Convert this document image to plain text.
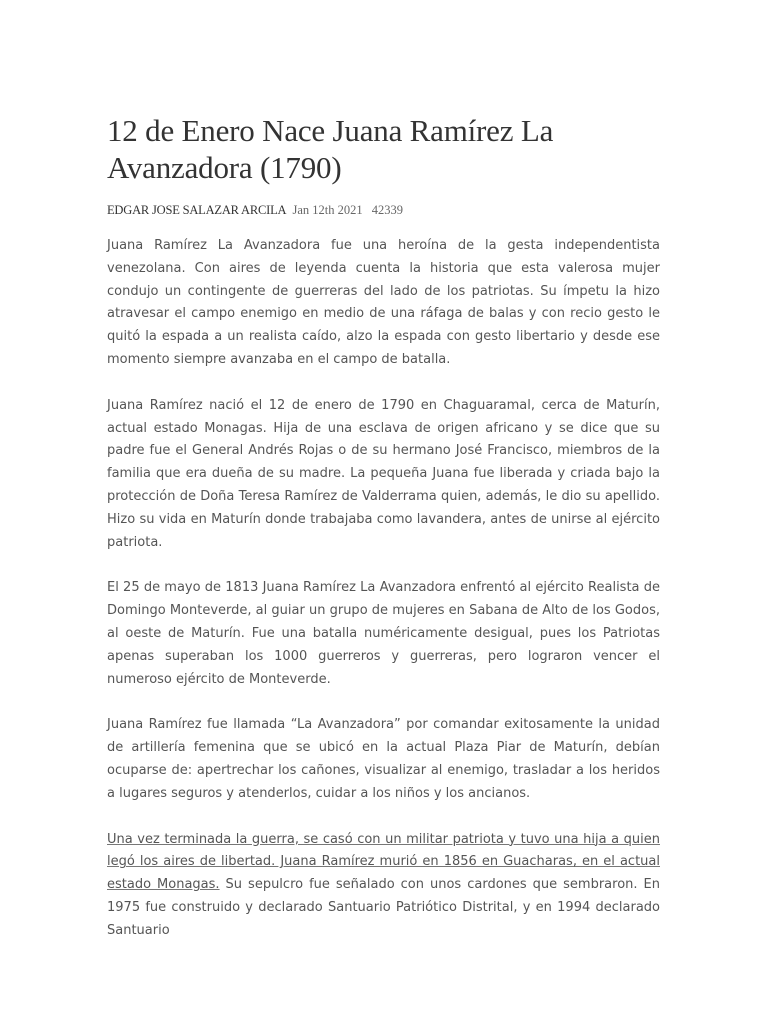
12 de Enero Nace Juana Ramírez La Avanzadora (1790)
EDGAR JOSE SALAZAR ARCILA Jan 12th 2021 42339

Juana Ramírez La Avanzadora fue una heroína de la gesta independentista venezolana. Con aires de leyenda cuenta la historia que esta valerosa mujer condujo un contingente de guerreras del lado de los patriotas. Su ímpetu la hizo atravesar el campo enemigo en medio de una ráfaga de balas y con recio gesto le quitó la espada a un realista caído, alzo la espada con gesto libertario y desde ese momento siempre avanzaba en el campo de batalla.

Juana Ramírez nació el 12 de enero de 1790 en Chaguaramal, cerca de Maturín, actual estado Monagas. Hija de una esclava de origen africano y se dice que su padre fue el General Andrés Rojas o de su hermano José Francisco, miembros de la familia que era dueña de su madre. La pequeña Juana fue liberada y criada bajo la protección de Doña Teresa Ramírez de Valderrama quien, además, le dio su apellido. Hizo su vida en Maturín donde trabajaba como lavandera, antes de unirse al ejército patriota.

El 25 de mayo de 1813 Juana Ramírez La Avanzadora enfrentó al ejército Realista de Domingo Monteverde, al guiar un grupo de mujeres en Sabana de Alto de los Godos, al oeste de Maturín. Fue una batalla numéricamente desigual, pues los Patriotas apenas superaban los 1000 guerreros y guerreras, pero lograron vencer el numeroso ejército de Monteverde.

Juana Ramírez fue llamada “La Avanzadora” por comandar exitosamente la unidad de artillería femenina que se ubicó en la actual Plaza Piar de Maturín, debían ocuparse de: apertrechar los cañones, visualizar al enemigo, trasladar a los heridos a lugares seguros y atenderlos, cuidar a los niños y los ancianos.

Una vez terminada la guerra, se casó con un militar patriota y tuvo una hija a quien legó los aires de libertad. Juana Ramírez murió en 1856 en Guacharas, en el actual estado Monagas. Su sepulcro fue señalado con unos cardones que sembraron. En 1975 fue construido y declarado Santuario Patriótico Distrital, y en 1994 declarado Santuario
